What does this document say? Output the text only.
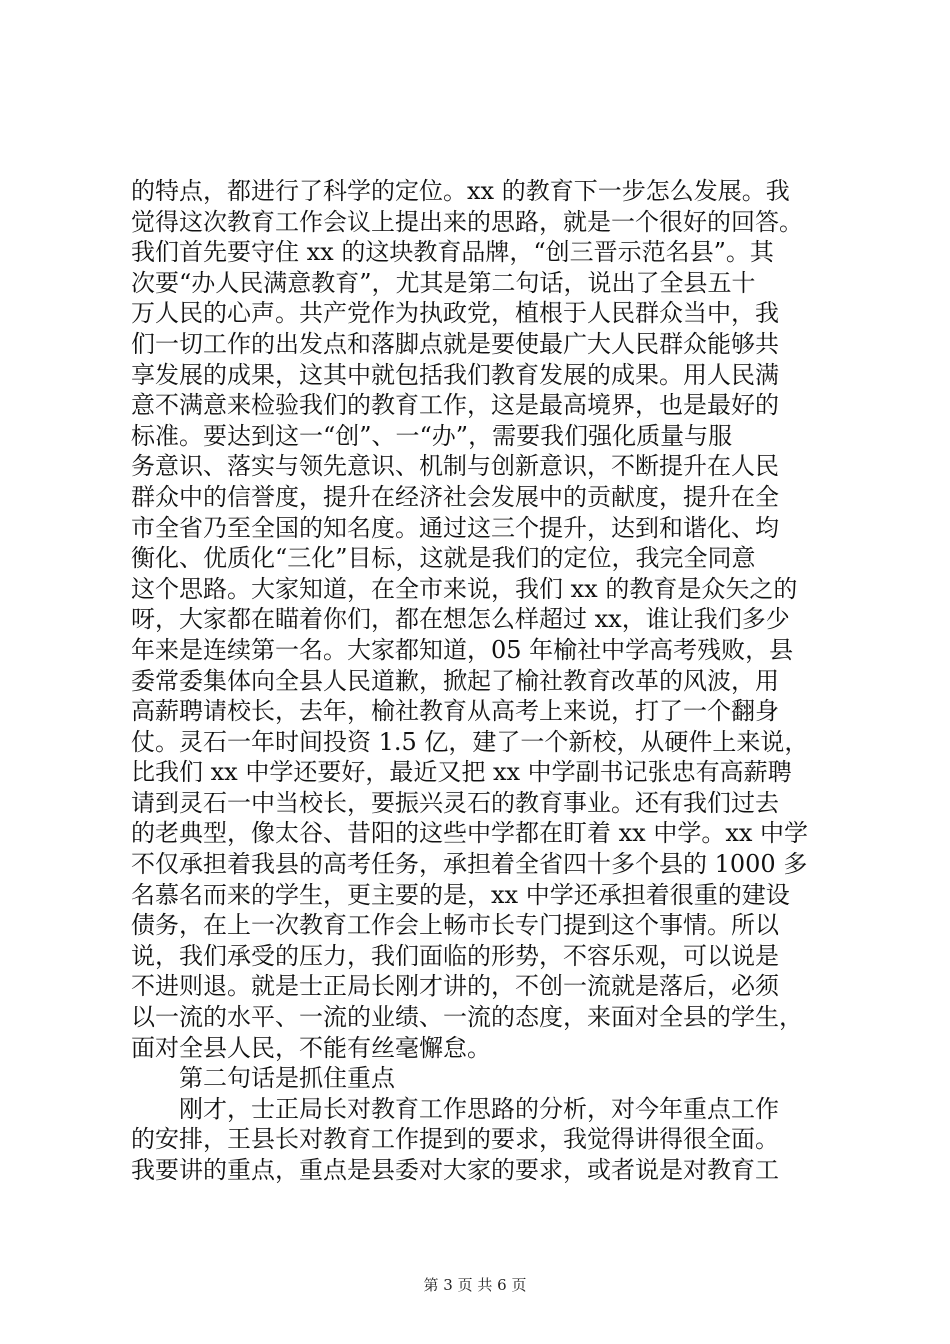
的特点，都进行了科学的定位。xx 的教育下一步怎么发展。我
觉得这次教育工作会议上提出来的思路，就是一个很好的回答。
我们首先要守住 xx 的这块教育品牌，“创三晋示范名县”。其
次要“办人民满意教育”，尤其是第二句话，说出了全县五十
万人民的心声。共产党作为执政党，植根于人民群众当中，我
们一切工作的出发点和落脚点就是要使最广大人民群众能够共
享发展的成果，这其中就包括我们教育发展的成果。用人民满
意不满意来检验我们的教育工作，这是最高境界，也是最好的
标准。要达到这一“创”、一“办”，需要我们强化质量与服
务意识、落实与领先意识、机制与创新意识，不断提升在人民
群众中的信誉度，提升在经济社会发展中的贡献度，提升在全
市全省乃至全国的知名度。通过这三个提升，达到和谐化、均
衡化、优质化“三化”目标，这就是我们的定位，我完全同意
这个思路。大家知道，在全市来说，我们 xx 的教育是众矢之的
呀，大家都在瞄着你们，都在想怎么样超过 xx，谁让我们多少
年来是连续第一名。大家都知道，05 年榆社中学高考残败，县
委常委集体向全县人民道歉，掀起了榆社教育改革的风波，用
高薪聘请校长，去年，榆社教育从高考上来说，打了一个翻身
仗。灵石一年时间投资 1.5 亿，建了一个新校，从硬件上来说，
比我们 xx 中学还要好，最近又把 xx 中学副书记张忠有高薪聘
请到灵石一中当校长，要振兴灵石的教育事业。还有我们过去
的老典型，像太谷、昔阳的这些中学都在盯着 xx 中学。xx 中学
不仅承担着我县的高考任务，承担着全省四十多个县的 1000 多
名慕名而来的学生，更主要的是，xx 中学还承担着很重的建设
债务，在上一次教育工作会上畅市长专门提到这个事情。所以
说，我们承受的压力，我们面临的形势，不容乐观，可以说是
不进则退。就是士正局长刚才讲的，不创一流就是落后，必须
以一流的水平、一流的业绩、一流的态度，来面对全县的学生，
面对全县人民，不能有丝毫懈怠。
第二句话是抓住重点
刚才，士正局长对教育工作思路的分析，对今年重点工作
的安排，王县长对教育工作提到的要求，我觉得讲得很全面。
我要讲的重点，重点是县委对大家的要求，或者说是对教育工
第 3 页 共 6 页
